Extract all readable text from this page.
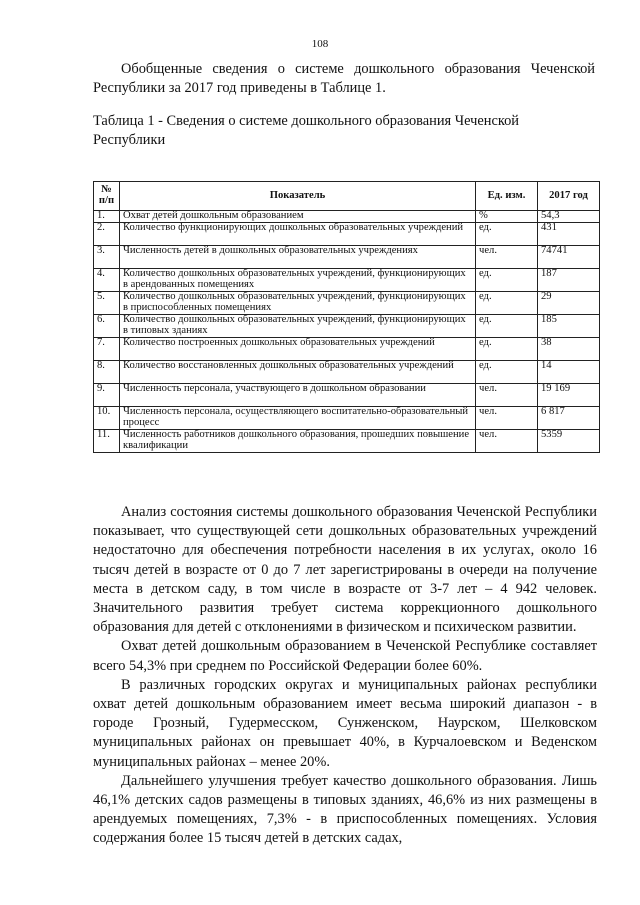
108

Обобщенные сведения о системе дошкольного образования Чеченской Республики за 2017 год приведены в Таблице 1.

Таблица 1 - Сведения о системе дошкольного образования Чеченской Республики

№ п/п	Показатель	Ед. изм.	2017 год
1.	Охват детей дошкольным образованием	%	54,3
2.	Количество функционирующих дошкольных образовательных учреждений	ед.	431
3.	Численность детей в дошкольных образовательных учреждениях	чел.	74741
4.	Количество дошкольных образовательных учреждений, функционирующих в арендованных помещениях	ед.	187
5.	Количество дошкольных образовательных учреждений, функционирующих в приспособленных помещениях	ед.	29
6.	Количество дошкольных образовательных учреждений, функционирующих в типовых зданиях	ед.	185
7.	Количество построенных дошкольных образовательных учреждений	ед.	38
8.	Количество восстановленных дошкольных образовательных учреждений	ед.	14
9.	Численность персонала, участвующего в дошкольном образовании	чел.	19 169
10.	Численность персонала, осуществляющего воспитательно-образовательный процесс	чел.	6 817
11.	Численность работников дошкольного образования, прошедших повышение квалификации	чел.	5359

Анализ состояния системы дошкольного образования Чеченской Республики показывает, что существующей сети дошкольных образовательных учреждений недостаточно для обеспечения потребности населения в их услугах, около 16 тысяч детей в возрасте от 0 до 7 лет зарегистрированы в очереди на получение места в детском саду, в том числе в возрасте от 3-7 лет – 4 942 человек. Значительного развития требует система коррекционного дошкольного образования для детей с отклонениями в физическом и психическом развитии.

Охват детей дошкольным образованием в Чеченской Республике составляет всего 54,3% при среднем по Российской Федерации более 60%.

В различных городских округах и муниципальных районах республики охват детей дошкольным образованием имеет весьма широкий диапазон - в городе Грозный, Гудермесском, Сунженском, Наурском, Шелковском муниципальных районах он превышает 40%, в Курчалоевском и Веденском муниципальных районах – менее 20%.

Дальнейшего улучшения требует качество дошкольного образования. Лишь 46,1% детских садов размещены в типовых зданиях, 46,6% из них размещены в арендуемых помещениях, 7,3% - в приспособленных помещениях. Условия содержания более 15 тысяч детей в детских садах,
